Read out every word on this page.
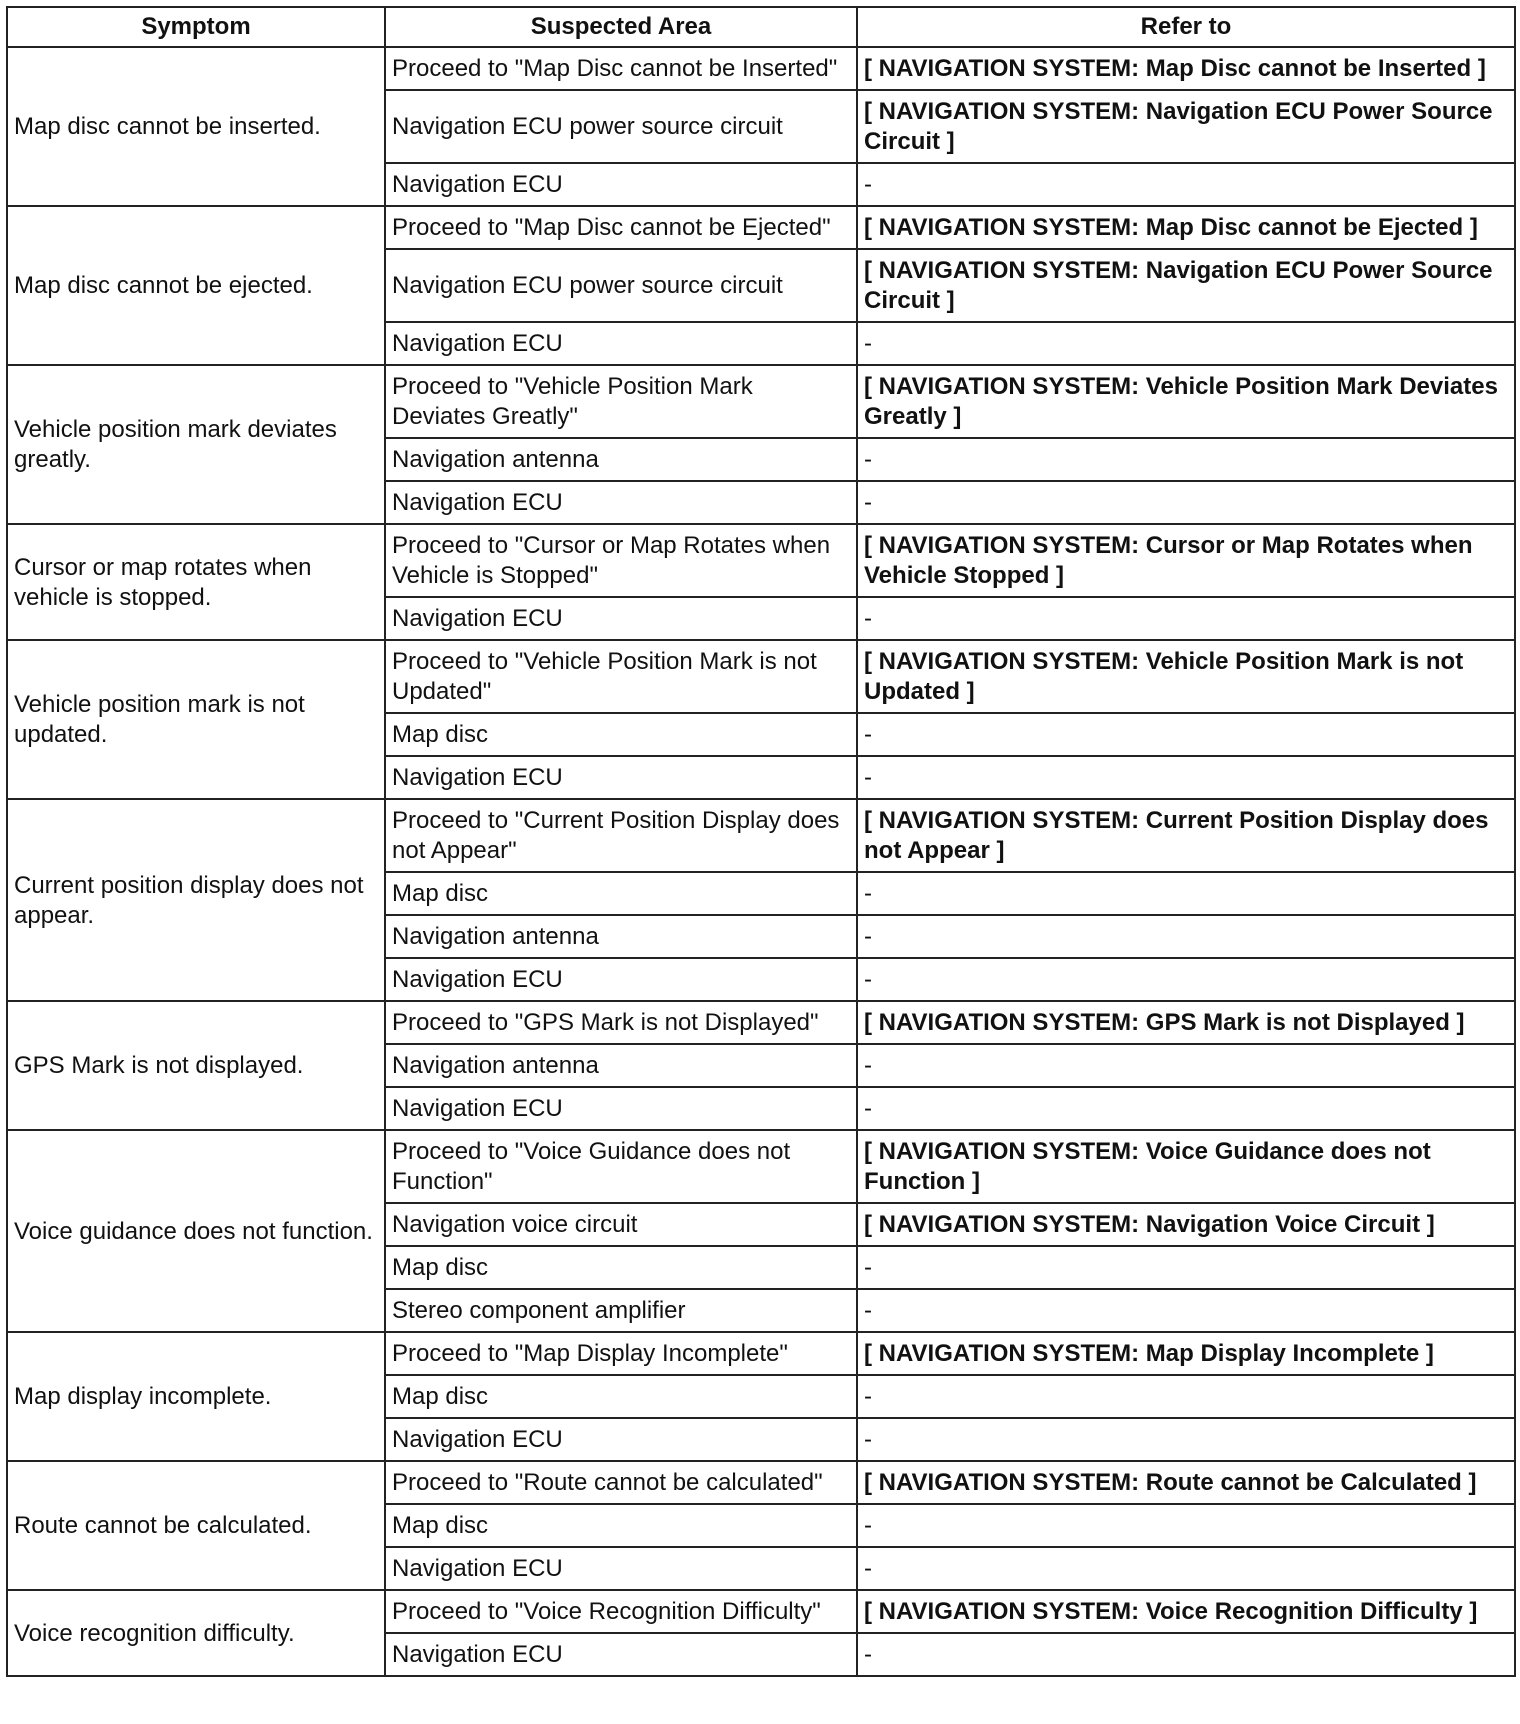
Symptom	Suspected Area	Refer to
Map disc cannot be inserted.	Proceed to "Map Disc cannot be Inserted"	[ NAVIGATION SYSTEM: Map Disc cannot be Inserted ]
	Navigation ECU power source circuit	[ NAVIGATION SYSTEM: Navigation ECU Power Source Circuit ]
	Navigation ECU	-
Map disc cannot be ejected.	Proceed to "Map Disc cannot be Ejected"	[ NAVIGATION SYSTEM: Map Disc cannot be Ejected ]
	Navigation ECU power source circuit	[ NAVIGATION SYSTEM: Navigation ECU Power Source Circuit ]
	Navigation ECU	-
Vehicle position mark deviates greatly.	Proceed to "Vehicle Position Mark Deviates Greatly"	[ NAVIGATION SYSTEM: Vehicle Position Mark Deviates Greatly ]
	Navigation antenna	-
	Navigation ECU	-
Cursor or map rotates when vehicle is stopped.	Proceed to "Cursor or Map Rotates when Vehicle is Stopped"	[ NAVIGATION SYSTEM: Cursor or Map Rotates when Vehicle Stopped ]
	Navigation ECU	-
Vehicle position mark is not updated.	Proceed to "Vehicle Position Mark is not Updated"	[ NAVIGATION SYSTEM: Vehicle Position Mark is not Updated ]
	Map disc	-
	Navigation ECU	-
Current position display does not appear.	Proceed to "Current Position Display does not Appear"	[ NAVIGATION SYSTEM: Current Position Display does not Appear ]
	Map disc	-
	Navigation antenna	-
	Navigation ECU	-
GPS Mark is not displayed.	Proceed to "GPS Mark is not Displayed"	[ NAVIGATION SYSTEM: GPS Mark is not Displayed ]
	Navigation antenna	-
	Navigation ECU	-
Voice guidance does not function.	Proceed to "Voice Guidance does not Function"	[ NAVIGATION SYSTEM: Voice Guidance does not Function ]
	Navigation voice circuit	[ NAVIGATION SYSTEM: Navigation Voice Circuit ]
	Map disc	-
	Stereo component amplifier	-
Map display incomplete.	Proceed to "Map Display Incomplete"	[ NAVIGATION SYSTEM: Map Display Incomplete ]
	Map disc	-
	Navigation ECU	-
Route cannot be calculated.	Proceed to "Route cannot be calculated"	[ NAVIGATION SYSTEM: Route cannot be Calculated ]
	Map disc	-
	Navigation ECU	-
Voice recognition difficulty.	Proceed to "Voice Recognition Difficulty"	[ NAVIGATION SYSTEM: Voice Recognition Difficulty ]
	Navigation ECU	-
